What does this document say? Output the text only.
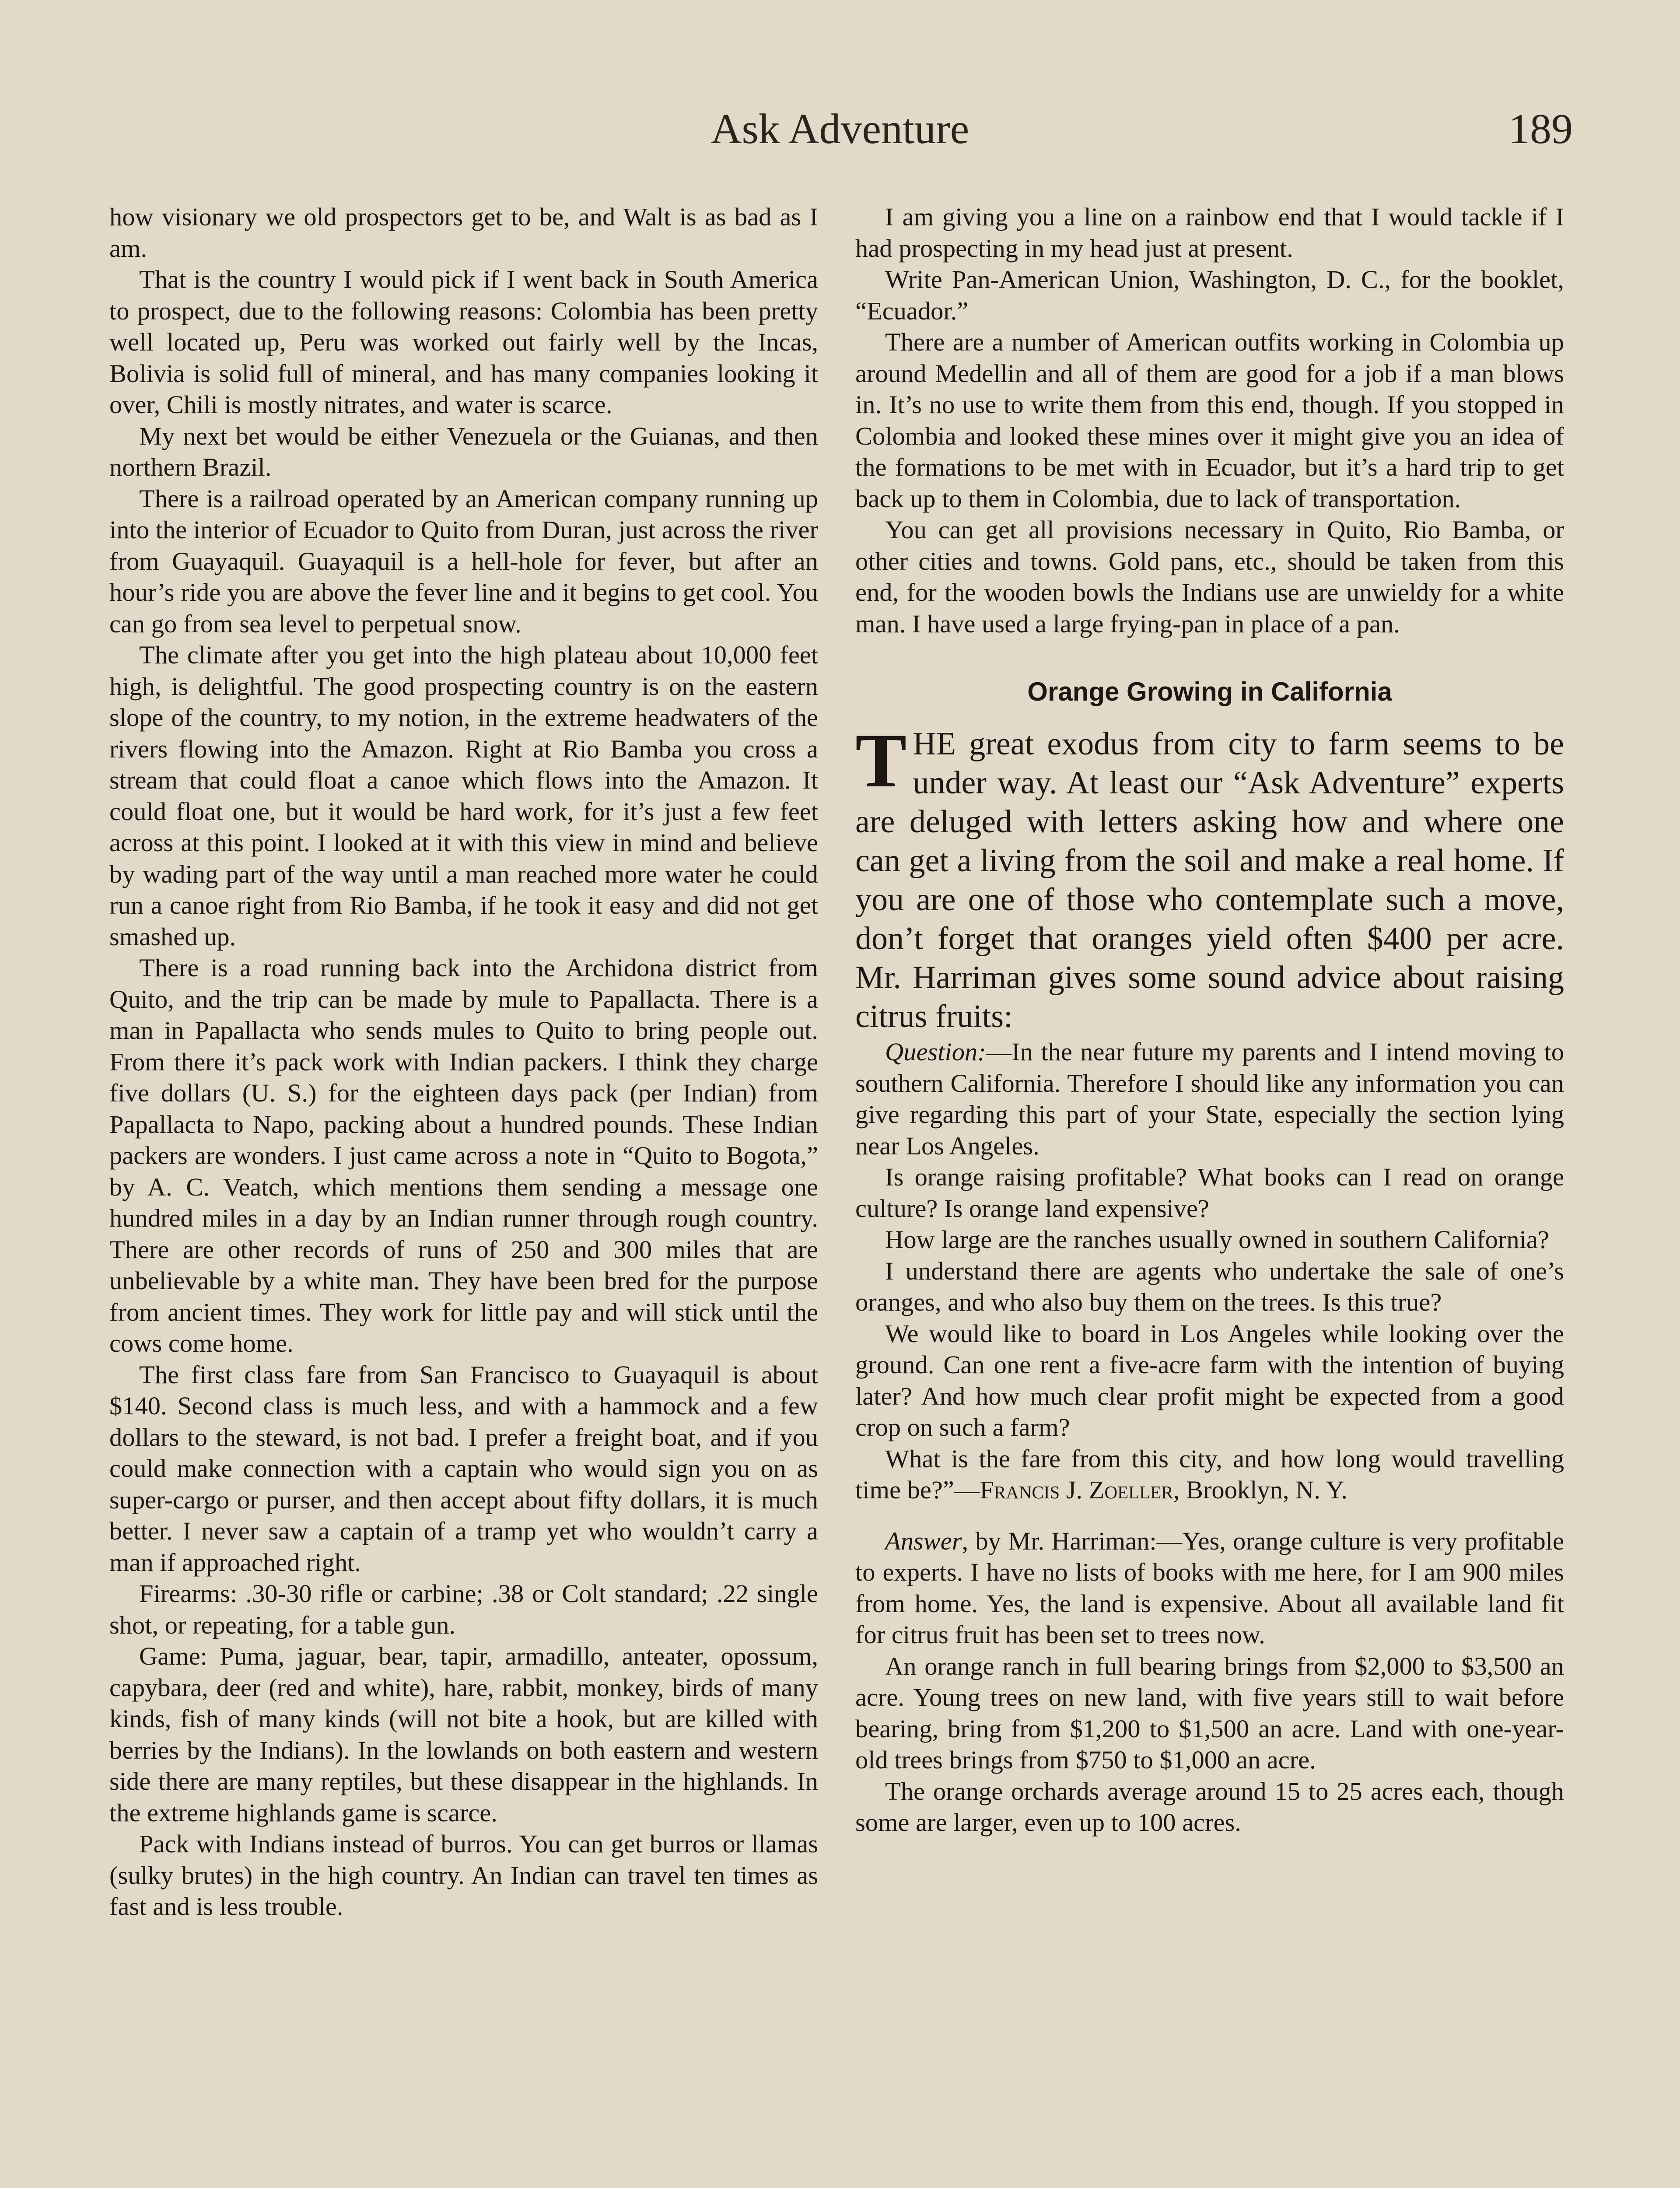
Ask Adventure	189

how visionary we old prospectors get to be, and Walt is as bad as I am.

That is the country I would pick if I went back in South America to prospect, due to the following reasons: Colombia has been pretty well located up, Peru was worked out fairly well by the Incas, Bolivia is solid full of mineral, and has many companies looking it over, Chili is mostly nitrates, and water is scarce.

My next bet would be either Venezuela or the Guianas, and then northern Brazil.

There is a railroad operated by an American company running up into the interior of Ecuador to Quito from Duran, just across the river from Guayaquil. Guayaquil is a hell-hole for fever, but after an hour’s ride you are above the fever line and it begins to get cool. You can go from sea level to perpetual snow.

The climate after you get into the high plateau about 10,000 feet high, is delightful. The good prospecting country is on the eastern slope of the country, to my notion, in the extreme headwaters of the rivers flowing into the Amazon. Right at Rio Bamba you cross a stream that could float a canoe which flows into the Amazon. It could float one, but it would be hard work, for it’s just a few feet across at this point. I looked at it with this view in mind and believe by wading part of the way until a man reached more water he could run a canoe right from Rio Bamba, if he took it easy and did not get smashed up.

There is a road running back into the Archidona district from Quito, and the trip can be made by mule to Papallacta. There is a man in Papallacta who sends mules to Quito to bring people out. From there it’s pack work with Indian packers. I think they charge five dollars (U. S.) for the eighteen days pack (per Indian) from Papallacta to Napo, packing about a hundred pounds. These Indian packers are wonders. I just came across a note in “Quito to Bogota,” by A. C. Veatch, which mentions them sending a message one hundred miles in a day by an Indian runner through rough country. There are other records of runs of 250 and 300 miles that are unbelievable by a white man. They have been bred for the purpose from ancient times. They work for little pay and will stick until the cows come home.

The first class fare from San Francisco to Guayaquil is about $140. Second class is much less, and with a hammock and a few dollars to the steward, is not bad. I prefer a freight boat, and if you could make connection with a captain who would sign you on as super-cargo or purser, and then accept about fifty dollars, it is much better. I never saw a captain of a tramp yet who wouldn’t carry a man if approached right.

Firearms: .30-30 rifle or carbine; .38 or Colt standard; .22 single shot, or repeating, for a table gun.

Game: Puma, jaguar, bear, tapir, armadillo, anteater, opossum, capybara, deer (red and white), hare, rabbit, monkey, birds of many kinds, fish of many kinds (will not bite a hook, but are killed with berries by the Indians). In the lowlands on both eastern and western side there are many reptiles, but these disappear in the highlands. In the extreme highlands game is scarce.

Pack with Indians instead of burros. You can get burros or llamas (sulky brutes) in the high country. An Indian can travel ten times as fast and is less trouble.

I am giving you a line on a rainbow end that I would tackle if I had prospecting in my head just at present.

Write Pan-American Union, Washington, D. C., for the booklet, “Ecuador.”

There are a number of American outfits working in Colombia up around Medellin and all of them are good for a job if a man blows in. It’s no use to write them from this end, though. If you stopped in Colombia and looked these mines over it might give you an idea of the formations to be met with in Ecuador, but it’s a hard trip to get back up to them in Colombia, due to lack of transportation.

You can get all provisions necessary in Quito, Rio Bamba, or other cities and towns. Gold pans, etc., should be taken from this end, for the wooden bowls the Indians use are unwieldy for a white man. I have used a large frying-pan in place of a pan.

Orange Growing in California

THE great exodus from city to farm seems to be under way. At least our “Ask Adventure” experts are deluged with letters asking how and where one can get a living from the soil and make a real home. If you are one of those who contemplate such a move, don’t forget that oranges yield often $400 per acre. Mr. Harriman gives some sound advice about raising citrus fruits:

Question:—In the near future my parents and I intend moving to southern California. Therefore I should like any information you can give regarding this part of your State, especially the section lying near Los Angeles.

Is orange raising profitable? What books can I read on orange culture? Is orange land expensive?

How large are the ranches usually owned in southern California?

I understand there are agents who undertake the sale of one’s oranges, and who also buy them on the trees. Is this true?

We would like to board in Los Angeles while looking over the ground. Can one rent a five-acre farm with the intention of buying later? And how much clear profit might be expected from a good crop on such a farm?

What is the fare from this city, and how long would travelling time be?”—Francis J. Zoeller, Brooklyn, N. Y.

Answer, by Mr. Harriman:—Yes, orange culture is very profitable to experts. I have no lists of books with me here, for I am 900 miles from home. Yes, the land is expensive. About all available land fit for citrus fruit has been set to trees now.

An orange ranch in full bearing brings from $2,000 to $3,500 an acre. Young trees on new land, with five years still to wait before bearing, bring from $1,200 to $1,500 an acre. Land with one-year-old trees brings from $750 to $1,000 an acre.

The orange orchards average around 15 to 25 acres each, though some are larger, even up to 100 acres.
